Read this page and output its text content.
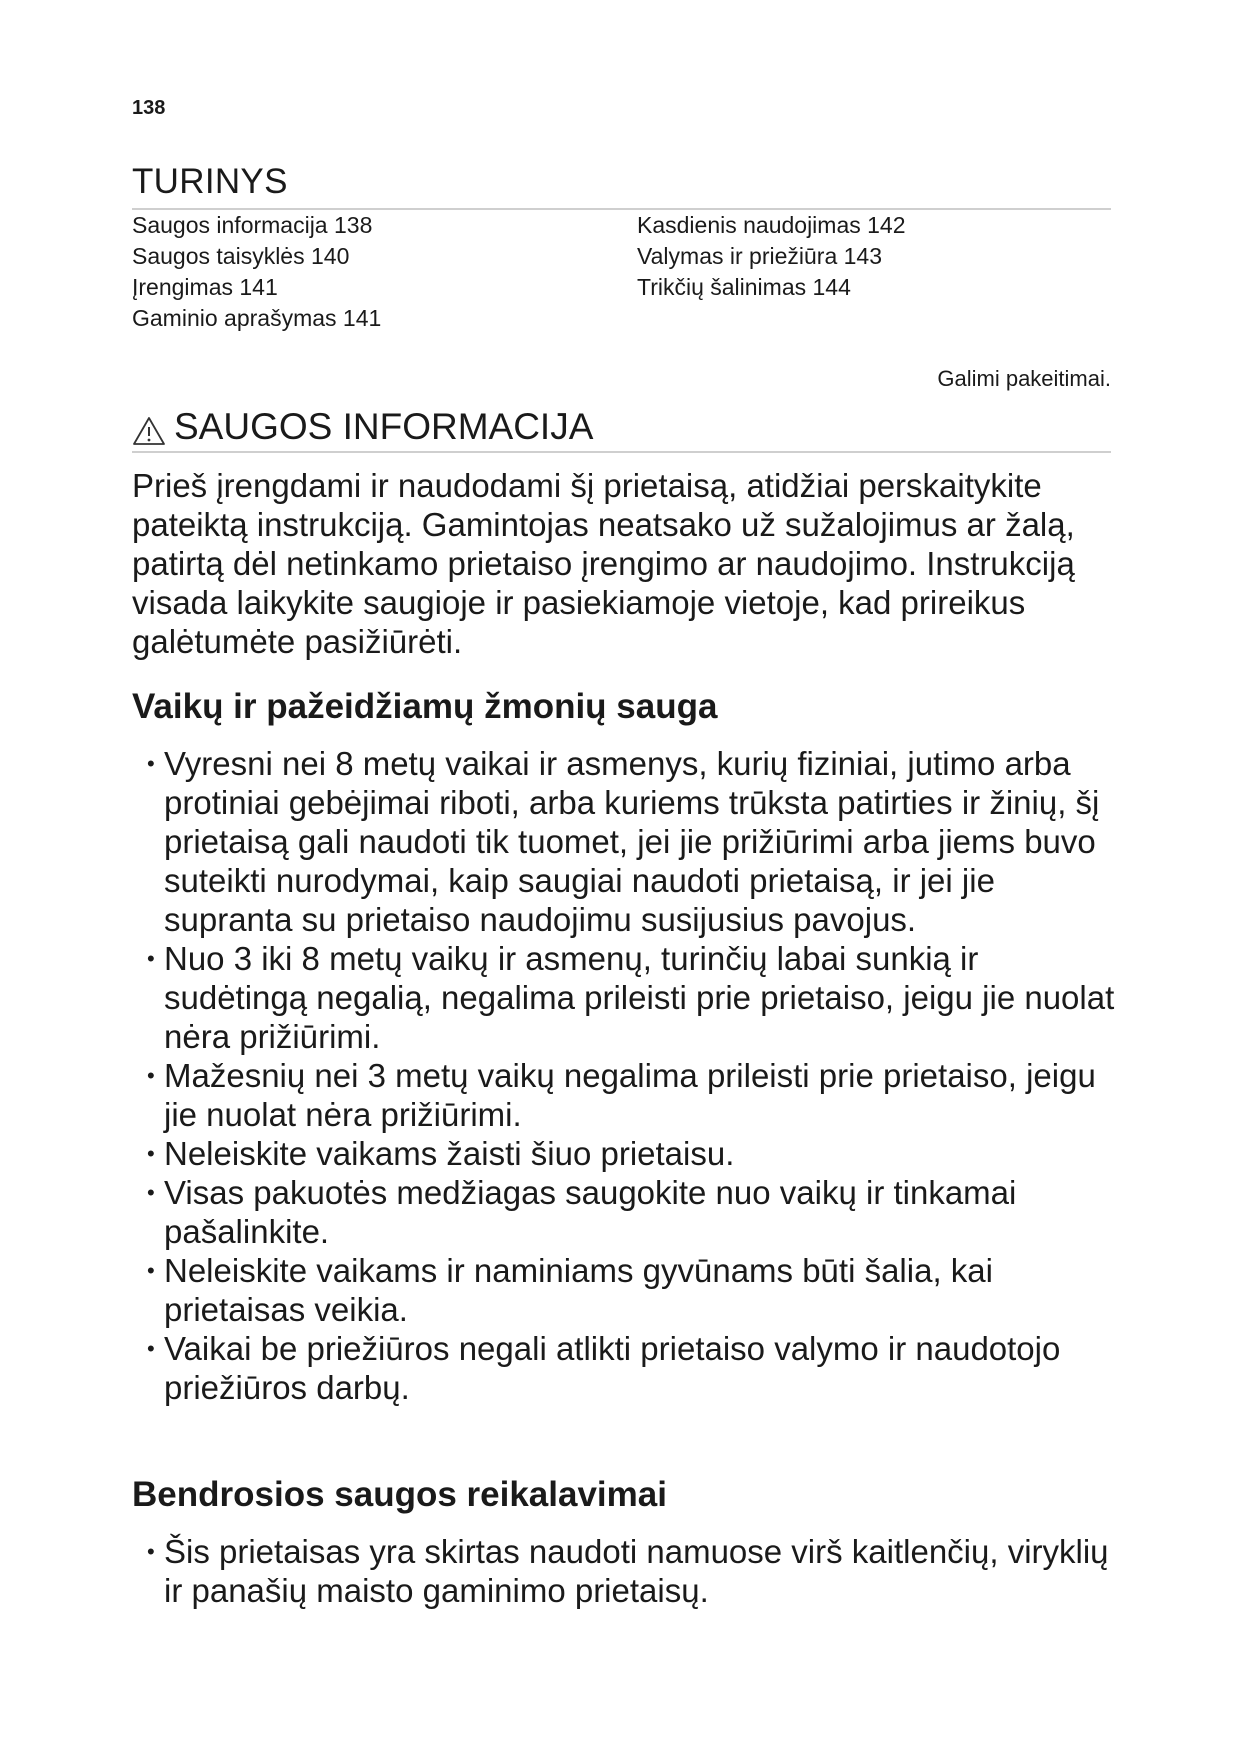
138
TURINYS
Saugos informacija 138
Saugos taisyklės 140
Įrengimas 141
Gaminio aprašymas 141
Kasdienis naudojimas 142
Valymas ir priežiūra 143
Trikčių šalinimas 144
Galimi pakeitimai.
SAUGOS INFORMACIJA

Prieš įrengdami ir naudodami šį prietaisą, atidžiai perskaitykite pateiktą instrukciją. Gamintojas neatsako už sužalojimus ar žalą, patirtą dėl netinkamo prietaiso įrengimo ar naudojimo. Instrukciją visada laikykite saugioje ir pasiekiamoje vietoje, kad prireikus galėtumėte pasižiūrėti.

Vaikų ir pažeidžiamų žmonių sauga
• Vyresni nei 8 metų vaikai ir asmenys, kurių fiziniai, jutimo arba protiniai gebėjimai riboti, arba kuriems trūksta patirties ir žinių, šį prietaisą gali naudoti tik tuomet, jei jie prižiūrimi arba jiems buvo suteikti nurodymai, kaip saugiai naudoti prietaisą, ir jei jie supranta su prietaiso naudojimu susijusius pavojus.
• Nuo 3 iki 8 metų vaikų ir asmenų, turinčių labai sunkią ir sudėtingą negalią, negalima prileisti prie prietaiso, jeigu jie nuolat nėra prižiūrimi.
• Mažesnių nei 3 metų vaikų negalima prileisti prie prietaiso, jeigu jie nuolat nėra prižiūrimi.
• Neleiskite vaikams žaisti šiuo prietaisu.
• Visas pakuotės medžiagas saugokite nuo vaikų ir tinkamai pašalinkite.
• Neleiskite vaikams ir naminiams gyvūnams būti šalia, kai prietaisas veikia.
• Vaikai be priežiūros negali atlikti prietaiso valymo ir naudotojo priežiūros darbų.
Bendrosios saugos reikalavimai
• Šis prietaisas yra skirtas naudoti namuose virš kaitlenčių, viryklių ir panašių maisto gaminimo prietaisų.
